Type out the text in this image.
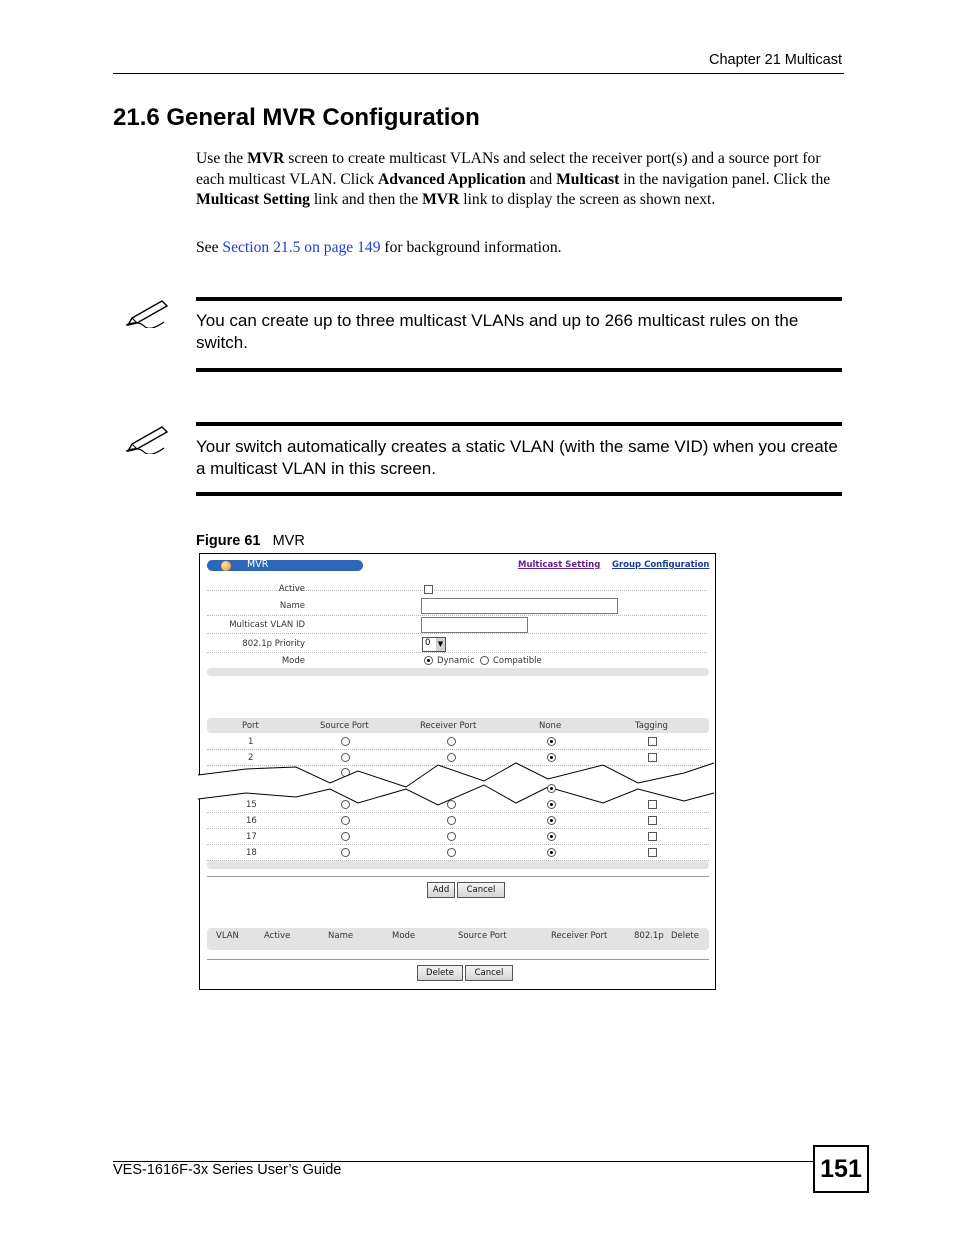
Chapter 21 Multicast
21.6 General MVR Configuration
Use the MVR screen to create multicast VLANs and select the receiver port(s) and a source port for each multicast VLAN. Click Advanced Application and Multicast in the navigation panel. Click the Multicast Setting link and then the MVR link to display the screen as shown next.
See Section 21.5 on page 149 for background information.
You can create up to three multicast VLANs and up to 266 multicast rules on the switch.
Your switch automatically creates a static VLAN (with the same VID) when you create a multicast VLAN in this screen.
Figure 61 MVR
MVR	Multicast Setting Group Configuration
Active
Name
Multicast VLAN ID
802.1p Priority	0 ▼
Mode	Dynamic Compatible
Port	Source Port	Receiver Port	None	Tagging
1
2
15
16
17
18
Add	Cancel
VLAN	Active	Name	Mode	Source Port	Receiver Port	802.1p Delete
Delete	Cancel
VES-1616F-3x Series User’s Guide	151
